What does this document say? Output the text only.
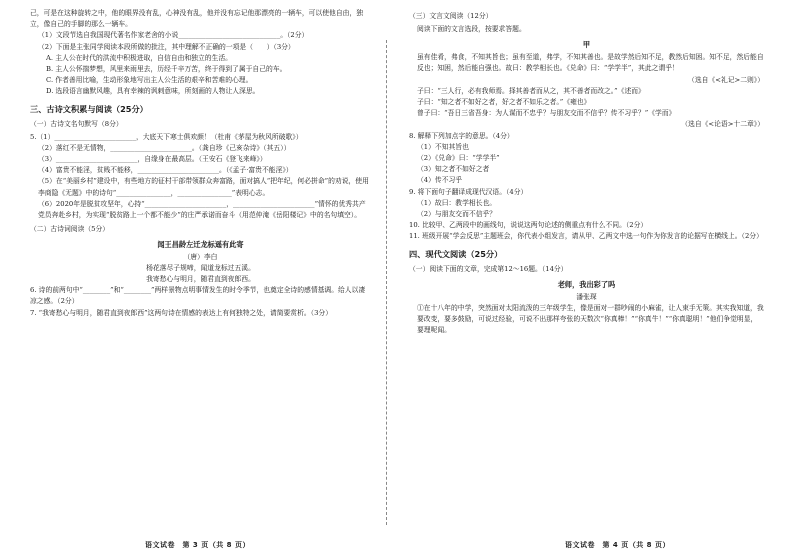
己，可是在这种旋转之中，他的眼界没有乱，心神没有乱，他并没有忘记他那漂亮的一辆车，可以使他自由，独立，像自己的手脚的那么一辆车。

（1）文段节选自我国现代著名作家老舍的小说______________________________。（2分）

（2）下面是主张同学阅读本段所做的批注，其中理解不正确的一项是（　　）（3分）

A. 主人公在时代的洪流中积极进取，自信自由和独立的生活。

B. 主人公怀揣梦想，风里来雨里去，历经千辛万苦，终于得到了属于自己的车。

C. 作者善用比喻，生动形象地写出主人公生活的艰辛和苦难的心理。

D. 选段语言幽默风趣，具有幸辣的讽刺意味，所刻画的人物让人深思。

三、古诗文积累与阅读（25分）
（一）古诗文名句默写（8分）

5.（1）________________________，大底天下寒士俱欢颜！（杜甫《茅屋为秋风所破歌》）

（2）落红不是无情物，________________________。（龚自珍《己亥杂诗》（其五））

（3）________________________，自缘身在最高层。（王安石《登飞来峰》）

（4）富贵不能淫，贫贱不能移，________________________。（《孟子·富贵不能淫》）

（5）在“美丽乡村”建设中，有些地方的征村干部带领群众奔富路，面对搞人“把年纪，何必拼命”的劝说，使用李商隐《无题》中的诗句“________________，________________”表明心志。

（6）2020年是脱贫攻坚年，心持“________________________，________________________”情怀的优秀共产党员奔赴乡村，为实现“脱贫路上一个都不能少”的庄严承诺而奋斗（用范仲淹《岳阳楼记》中的名句填空）。

（二）古诗词阅读（5分）
闻王昌龄左迁龙标遥有此寄
（唐）李白
杨花落尽子规啼，闻道龙标过五溪。
我寄愁心与明月，随君直到夜郎西。

6. 诗的前两句中“________”和“________”两样景物点明事情发生的时令季节，也奠定全诗的感情基调。给人以凄凉之感。（2分）

7. “我寄愁心与明月，随君直到夜郎西”这两句诗在情感的表达上有何独特之处，请简要赏析。（3分）

（三）文言文阅读（12分）

阅读下面的文言选段，按要求答题。

甲

虽有佳肴，弗食，不知其旨也；虽有至道，弗学，不知其善也。是故学然后知不足，教然后知困。知不足，然后能自反也；知困，然后能自强也。故曰：教学相长也。《兑命》曰：“学学半”，其此之谓乎！

（选自《<礼记>二则》）

子曰：“三人行，必有我师焉。择其善者而从之，其不善者而改之。”《述而》

子曰：“知之者不如好之者，好之者不如乐之者。”《雍也》

曾子曰：“吾日三省吾身：为人谋而不忠乎？与朋友交而不信乎？传不习乎？”《学而》

（选自《<论语>十二章》）

8. 解释下列加点字的意思。（4分）

（1）不知其旨也

（2）《兑命》曰：“学学半”

（3）知之者不如好之者

（4）传不习乎

9. 将下面句子翻译成现代汉语。（4分）

（1）故曰：教学相长也。

（2）与朋友交而不信乎？

10. 比较甲、乙两段中的画线句，说说这两句论述的侧重点有什么不同。（2分）

11. 班级开展“学会反思”主题班会，你代表小组发言，请从甲、乙两文中选一句作为你发言的论据写在横线上。（2分）

四、现代文阅读（25分）
（一）阅读下面的文章，完成第12～16题。（14分）
老师，我出彩了吗
潘张琛

①在十八年的中学，突然面对太阳流泼的三年级学生，像是面对一群吵闹的小麻雀，让人束手无策。其实我知道，我要改变，要多鼓励，可说过经验，可说不出那样夸张的天数次“你真棒！”“你真牛！”“你真聪明！”他们争觉明显，要理呢闻。

语文试卷　第 3 页（共 8 页）	语文试卷　第 4 页（共 8 页）
